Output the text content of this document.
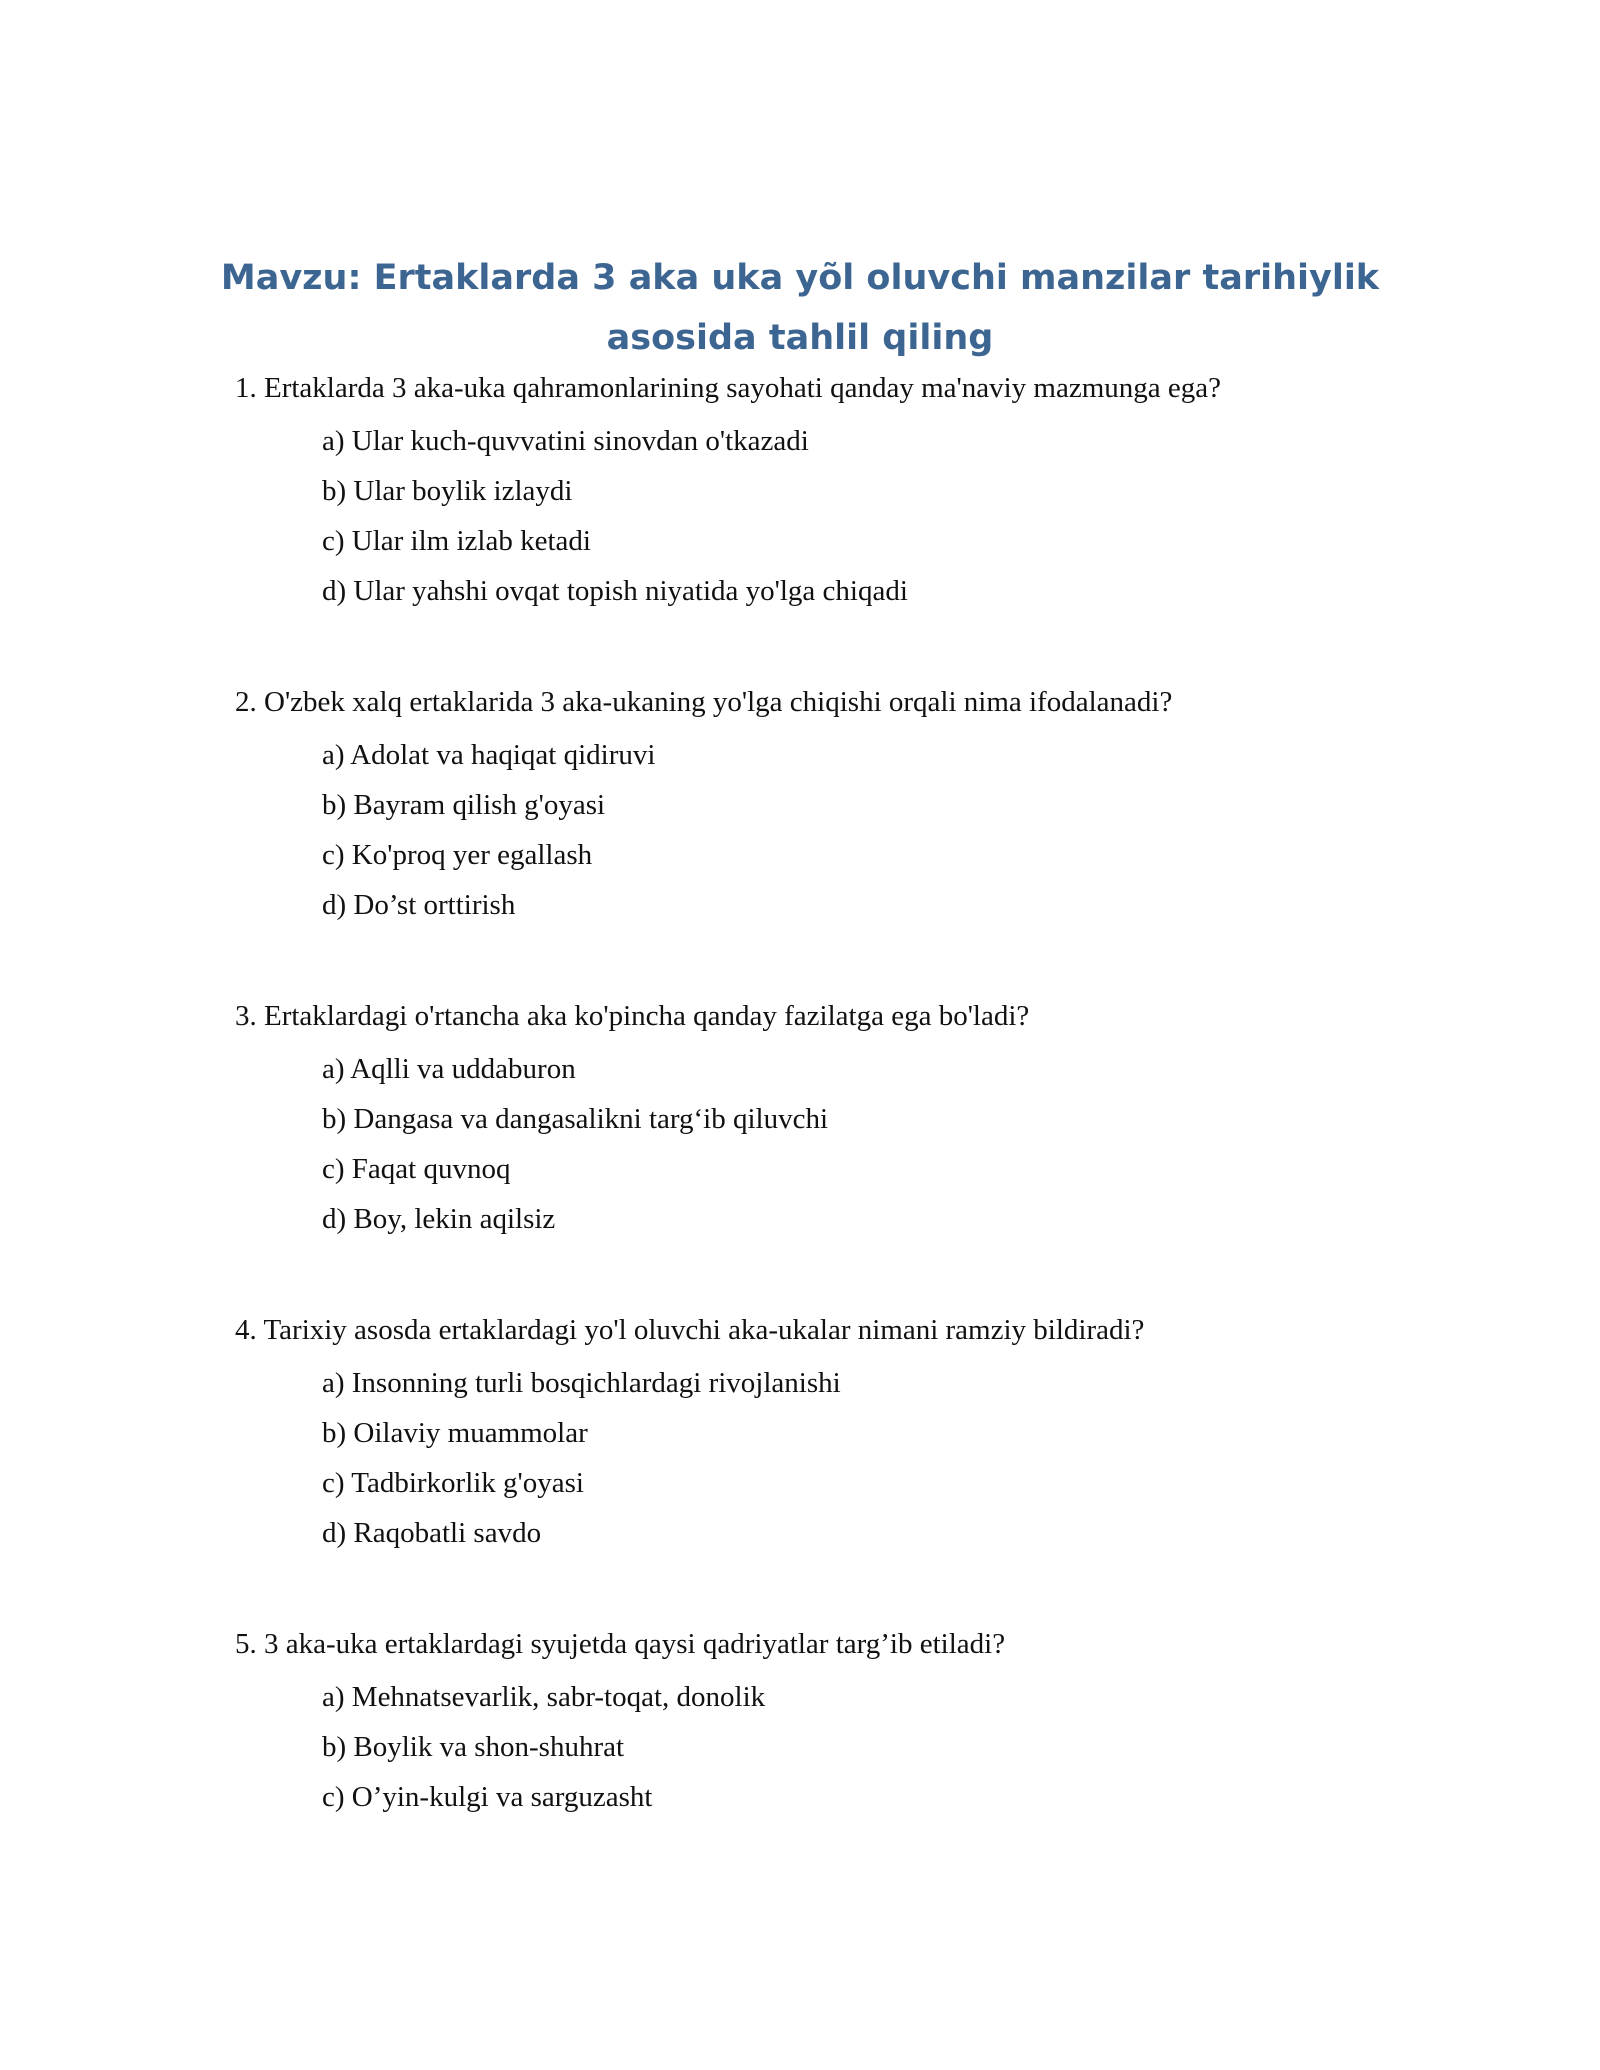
Mavzu: Ertaklarda 3 aka uka yõl oluvchi manzilar tarihiylik
asosida tahlil qiling
1. Ertaklarda 3 aka-uka qahramonlarining sayohati qanday ma'naviy mazmunga ega?
a) Ular kuch-quvvatini sinovdan o'tkazadi
b) Ular boylik izlaydi
c) Ular ilm izlab ketadi
d) Ular yahshi ovqat topish niyatida yo'lga chiqadi
2. O'zbek xalq ertaklarida 3 aka-ukaning yo'lga chiqishi orqali nima ifodalanadi?
a) Adolat va haqiqat qidiruvi
b) Bayram qilish g'oyasi
c) Ko'proq yer egallash
d) Do’st orttirish
3. Ertaklardagi o'rtancha aka ko'pincha qanday fazilatga ega bo'ladi?
a) Aqlli va uddaburon
b) Dangasa va dangasalikni targ‘ib qiluvchi
c) Faqat quvnoq
d) Boy, lekin aqilsiz
4. Tarixiy asosda ertaklardagi yo'l oluvchi aka-ukalar nimani ramziy bildiradi?
a) Insonning turli bosqichlardagi rivojlanishi
b) Oilaviy muammolar
c) Tadbirkorlik g'oyasi
d) Raqobatli savdo
5. 3 aka-uka ertaklardagi syujetda qaysi qadriyatlar targ’ib etiladi?
a) Mehnatsevarlik, sabr-toqat, donolik
b) Boylik va shon-shuhrat
c) O’yin-kulgi va sarguzasht
